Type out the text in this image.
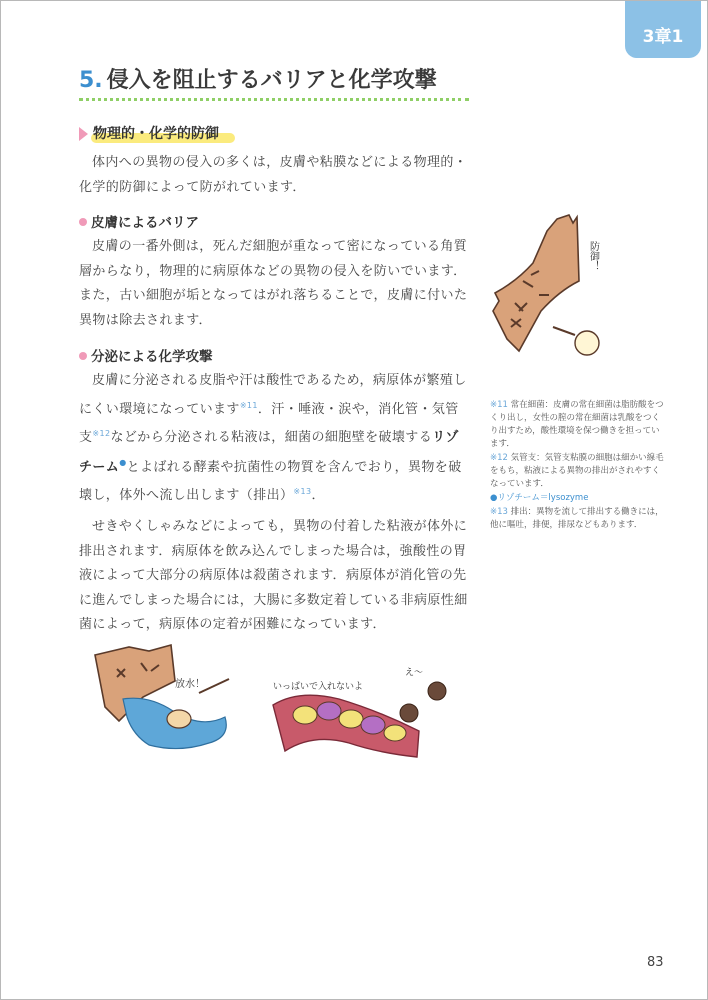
3章1
5. 侵入を阻止するバリアと化学攻撃
物理的・化学的防御

体内への異物の侵入の多くは，皮膚や粘膜などによる物理的・化学的防御によって防がれています．

皮膚によるバリア

皮膚の一番外側は，死んだ細胞が重なって密になっている角質層からなり，物理的に病原体などの異物の侵入を防いでいます．また，古い細胞が垢となってはがれ落ちることで，皮膚に付いた異物は除去されます．

分泌による化学攻撃

皮膚に分泌される皮脂や汗は酸性であるため，病原体が繁殖しにくい環境になっています$^{※11}$．汗・唾液・涙や，消化管・気管支$^{※12}$などから分泌される粘液は，細菌の細胞壁を破壊するリゾチーム●とよばれる酵素や抗菌性の物質を含んでおり，異物を破壊し，体外へ流し出します（排出）$^{※13}$．

せきやくしゃみなどによっても，異物の付着した粘液が体外に排出されます．病原体を飲み込んでしまった場合は，強酸性の胃液によって大部分の病原体は殺菌されます．病原体が消化管の先に進んでしまった場合には，大腸に多数定着している非病原性細菌によって，病原体の定着が困難になっています．

防御！
放水！	いっぱいで入れないよ
え〜

※11 常在細菌：皮膚の常在細菌は脂肪酸をつくり出し，女性の膣の常在細菌は乳酸をつくり出すため，酸性環境を保つ働きを担っています．

※12 気管支：気管支粘膜の細胞は細かい線毛をもち，粘液による異物の排出がされやすくなっています．

●リゾチーム＝lysozyme

※13 排出：異物を流して排出する働きには，他に嘔吐，排便，排尿などもあります．

83
